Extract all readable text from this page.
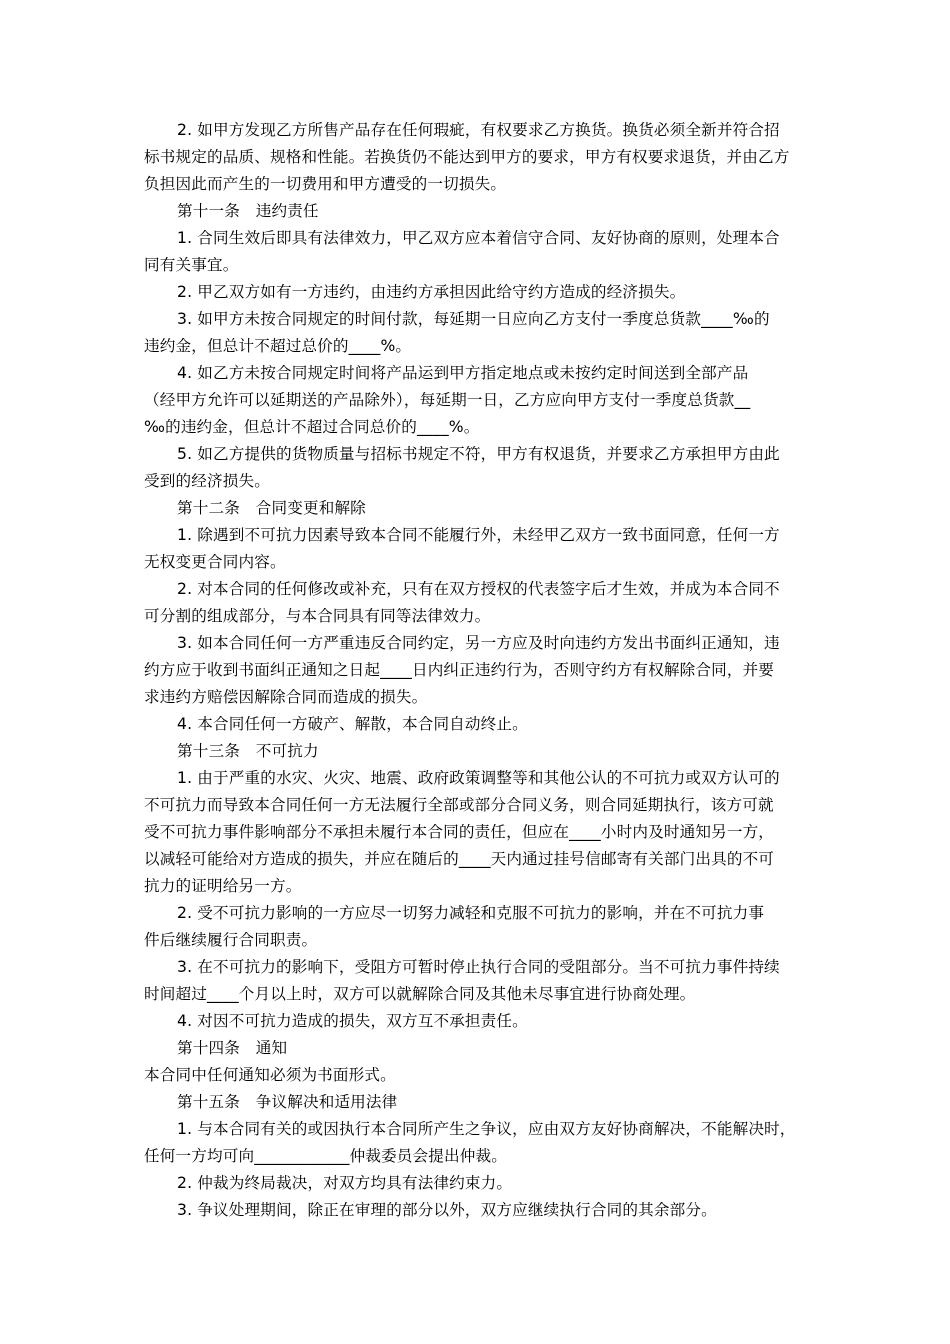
2. 如甲方发现乙方所售产品存在任何瑕疵，有权要求乙方换货。换货必须全新并符合招
标书规定的品质、规格和性能。若换货仍不能达到甲方的要求，甲方有权要求退货，并由乙方
负担因此而产生的一切费用和甲方遭受的一切损失。
第十一条　违约责任
1. 合同生效后即具有法律效力，甲乙双方应本着信守合同、友好协商的原则，处理本合
同有关事宜。
2. 甲乙双方如有一方违约，由违约方承担因此给守约方造成的经济损失。
3. 如甲方未按合同规定的时间付款，每延期一日应向乙方支付一季度总货款____‰的
违约金，但总计不超过总价的____%。
4. 如乙方未按合同规定时间将产品运到甲方指定地点或未按约定时间送到全部产品
（经甲方允许可以延期送的产品除外），每延期一日，乙方应向甲方支付一季度总货款__
‰的违约金，但总计不超过合同总价的____%。
5. 如乙方提供的货物质量与招标书规定不符，甲方有权退货，并要求乙方承担甲方由此
受到的经济损失。
第十二条　合同变更和解除
1. 除遇到不可抗力因素导致本合同不能履行外，未经甲乙双方一致书面同意，任何一方
无权变更合同内容。
2. 对本合同的任何修改或补充，只有在双方授权的代表签字后才生效，并成为本合同不
可分割的组成部分，与本合同具有同等法律效力。
3. 如本合同任何一方严重违反合同约定，另一方应及时向违约方发出书面纠正通知，违
约方应于收到书面纠正通知之日起____日内纠正违约行为，否则守约方有权解除合同，并要
求违约方赔偿因解除合同而造成的损失。
4. 本合同任何一方破产、解散，本合同自动终止。
第十三条　不可抗力
1. 由于严重的水灾、火灾、地震、政府政策调整等和其他公认的不可抗力或双方认可的
不可抗力而导致本合同任何一方无法履行全部或部分合同义务，则合同延期执行，该方可就
受不可抗力事件影响部分不承担未履行本合同的责任，但应在____小时内及时通知另一方，
以减轻可能给对方造成的损失，并应在随后的____天内通过挂号信邮寄有关部门出具的不可
抗力的证明给另一方。
2. 受不可抗力影响的一方应尽一切努力减轻和克服不可抗力的影响，并在不可抗力事
件后继续履行合同职责。
3. 在不可抗力的影响下，受阻方可暂时停止执行合同的受阻部分。当不可抗力事件持续
时间超过____个月以上时，双方可以就解除合同及其他未尽事宜进行协商处理。
4. 对因不可抗力造成的损失，双方互不承担责任。
第十四条　通知
本合同中任何通知必须为书面形式。
第十五条　争议解决和适用法律
1. 与本合同有关的或因执行本合同所产生之争议，应由双方友好协商解决，不能解决时，
任何一方均可向____________仲裁委员会提出仲裁。
2. 仲裁为终局裁决，对双方均具有法律约束力。
3. 争议处理期间，除正在审理的部分以外，双方应继续执行合同的其余部分。
